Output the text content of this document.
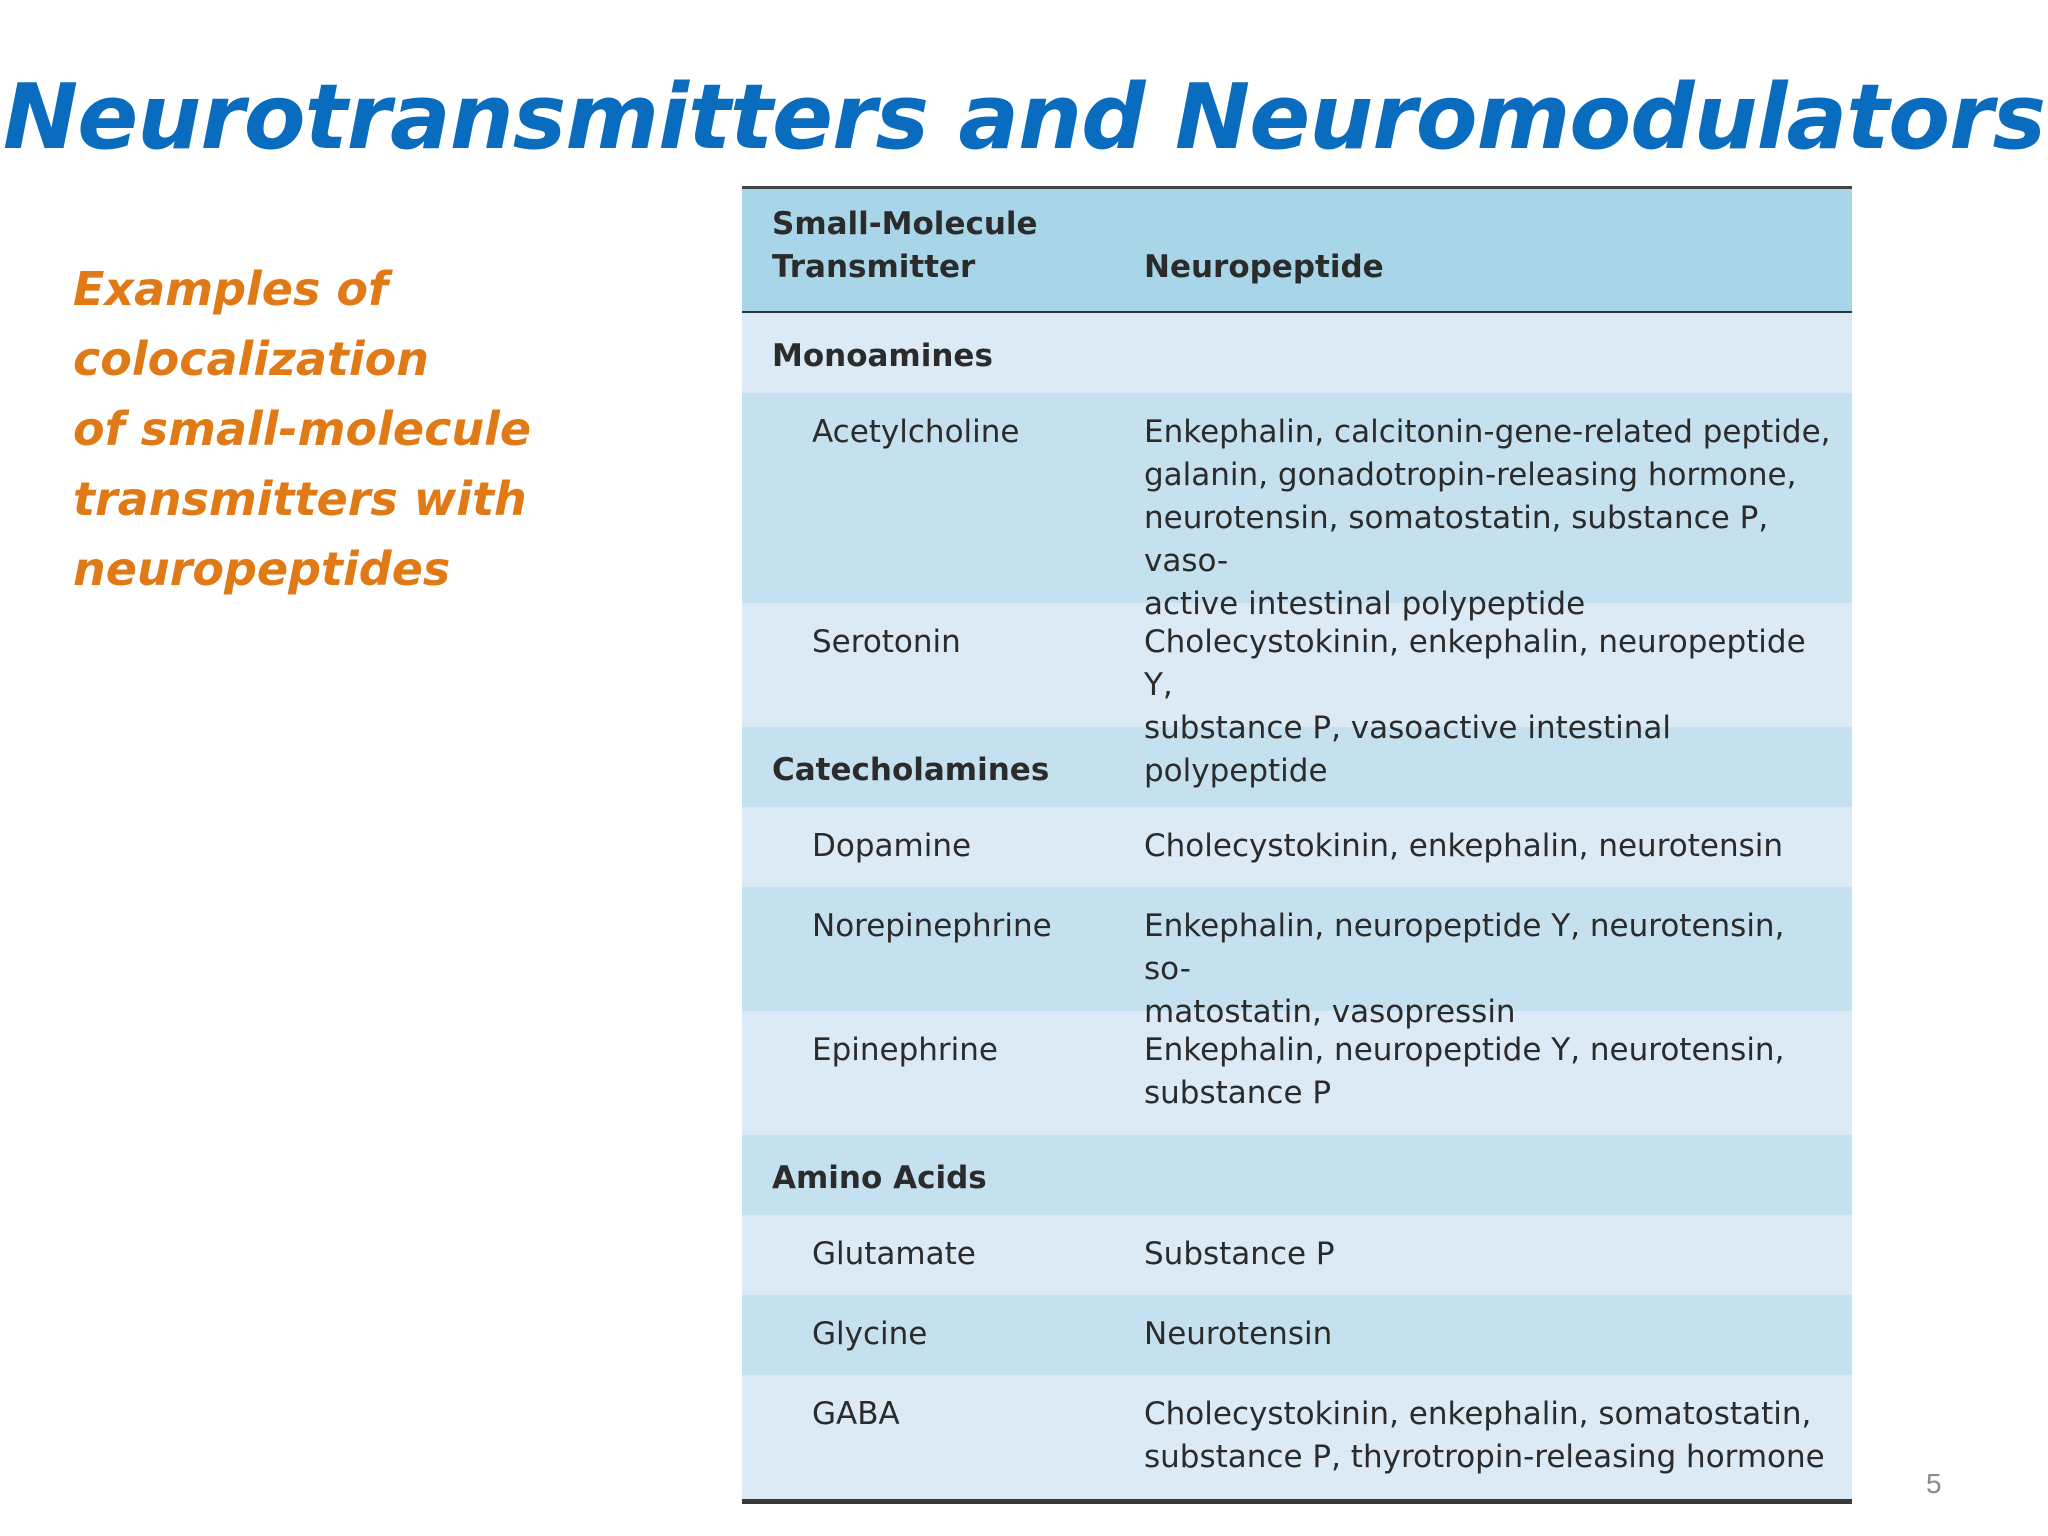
Neurotransmitters and Neuromodulators
Examples of colocalization
of small-molecule
transmitters with
neuropeptides
Small-Molecule
Transmitter	Neuropeptide
Monoamines
Acetylcholine	Enkephalin, calcitonin-gene-related peptide,
galanin, gonadotropin-releasing hormone,
neurotensin, somatostatin, substance P, vaso-
active intestinal polypeptide
Serotonin	Cholecystokinin, enkephalin, neuropeptide Y,
substance P, vasoactive intestinal polypeptide
Catecholamines
Dopamine	Cholecystokinin, enkephalin, neurotensin
Norepinephrine	Enkephalin, neuropeptide Y, neurotensin, so-
matostatin, vasopressin
Epinephrine	Enkephalin, neuropeptide Y, neurotensin,
substance P
Amino Acids
Glutamate	Substance P
Glycine	Neurotensin
GABA	Cholecystokinin, enkephalin, somatostatin,
substance P, thyrotropin-releasing hormone
5
